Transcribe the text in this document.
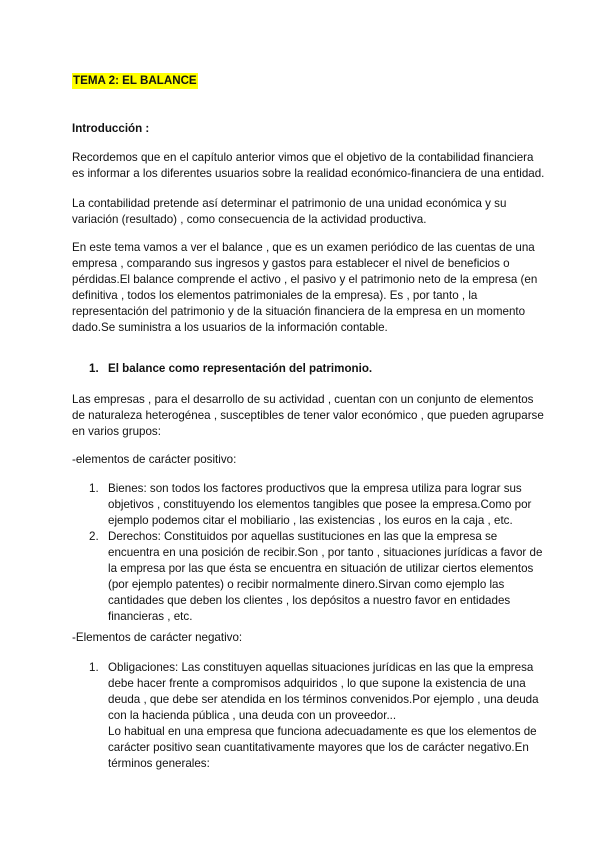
TEMA 2: EL BALANCE
Introducción :
Recordemos que en el capítulo anterior vimos que el objetivo de la contabilidad financiera
es informar a los diferentes usuarios sobre la realidad económico-financiera de una entidad.
La contabilidad pretende así determinar el patrimonio de una unidad económica y su
variación (resultado) , como consecuencia de la actividad productiva.
En este tema vamos a ver el balance , que es un examen periódico de las cuentas de una
empresa , comparando sus ingresos y gastos para establecer el nivel de beneficios o
pérdidas.El balance comprende el activo , el pasivo y el patrimonio neto de la empresa (en
definitiva , todos los elementos patrimoniales de la empresa). Es , por tanto , la
representación del patrimonio y de la situación financiera de la empresa en un momento
dado.Se suministra a los usuarios de la información contable.
1. El balance como representación del patrimonio.
Las empresas , para el desarrollo de su actividad , cuentan con un conjunto de elementos
de naturaleza heterogénea , susceptibles de tener valor económico , que pueden agruparse
en varios grupos:
-elementos de carácter positivo:
1. Bienes: son todos los factores productivos que la empresa utiliza para lograr sus
objetivos , constituyendo los elementos tangibles que posee la empresa.Como por
ejemplo podemos citar el mobiliario , las existencias , los euros en la caja , etc.
2. Derechos: Constituidos por aquellas sustituciones en las que la empresa se
encuentra en una posición de recibir.Son , por tanto , situaciones jurídicas a favor de
la empresa por las que ésta se encuentra en situación de utilizar ciertos elementos
(por ejemplo patentes) o recibir normalmente dinero.Sirvan como ejemplo las
cantidades que deben los clientes , los depósitos a nuestro favor en entidades
financieras , etc.
-Elementos de carácter negativo:
1. Obligaciones: Las constituyen aquellas situaciones jurídicas en las que la empresa
debe hacer frente a compromisos adquiridos , lo que supone la existencia de una
deuda , que debe ser atendida en los términos convenidos.Por ejemplo , una deuda
con la hacienda pública , una deuda con un proveedor...
Lo habitual en una empresa que funciona adecuadamente es que los elementos de
carácter positivo sean cuantitativamente mayores que los de carácter negativo.En
términos generales:
